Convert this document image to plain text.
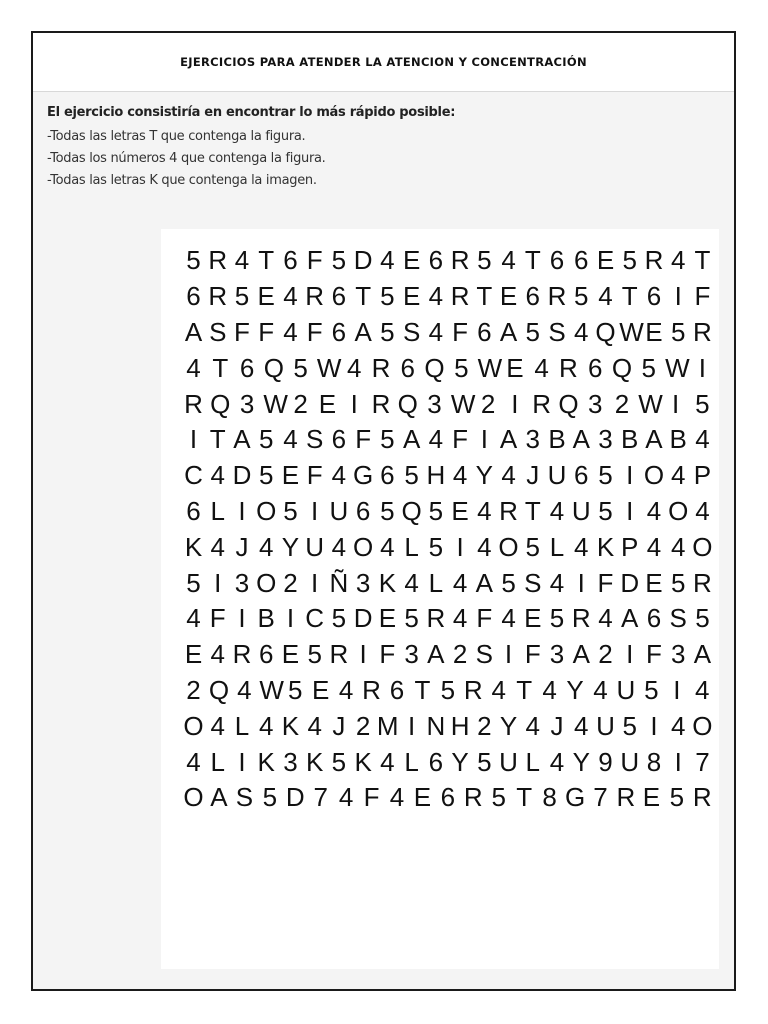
EJERCICIOS PARA ATENDER LA ATENCION Y CONCENTRACIÓN
El ejercicio consistiría en encontrar lo más rápido posible:
-Todas las letras T que contenga la figura.
-Todas los números 4 que contenga la figura.
-Todas las letras K que contenga la imagen.
5 R 4 T 6 F 5 D 4 E 6 R 5 4 T 6 6 E 5 R 4 T
6 R 5 E 4 R 6 T 5 E 4 R T E 6 R 5 4 T 6 I F
A S F F 4 F 6 A 5 S 4 F 6 A 5 S 4 Q W E 5 R
4 T 6 Q 5 W 4 R 6 Q 5 W E 4 R 6 Q 5 W I
R Q 3 W 2 E I R Q 3 W 2 I R Q 3 2 W I 5
I T A 5 4 S 6 F 5 A 4 F I A 3 B A 3 B A B 4
C 4 D 5 E F 4 G 6 5 H 4 Y 4 J U 6 5 I O 4 P
6 L I O 5 I U 6 5 Q 5 E 4 R T 4 U 5 I 4 O 4
K 4 J 4 Y U 4 O 4 L 5 I 4 O 5 L 4 K P 4 4 O
5 I 3 O 2 I Ñ 3 K 4 L 4 A 5 S 4 I F D E 5 R
4 F I B I C 5 D E 5 R 4 F 4 E 5 R 4 A 6 S 5
E 4 R 6 E 5 R I F 3 A 2 S I F 3 A 2 I F 3 A
2 Q 4 W 5 E 4 R 6 T 5 R 4 T 4 Y 4 U 5 I 4
O 4 L 4 K 4 J 2 M I N H 2 Y 4 J 4 U 5 I 4 O
4 L I K 3 K 5 K 4 L 6 Y 5 U L 4 Y 9 U 8 I 7
O A S 5 D 7 4 F 4 E 6 R 5 T 8 G 7 R E 5 R
